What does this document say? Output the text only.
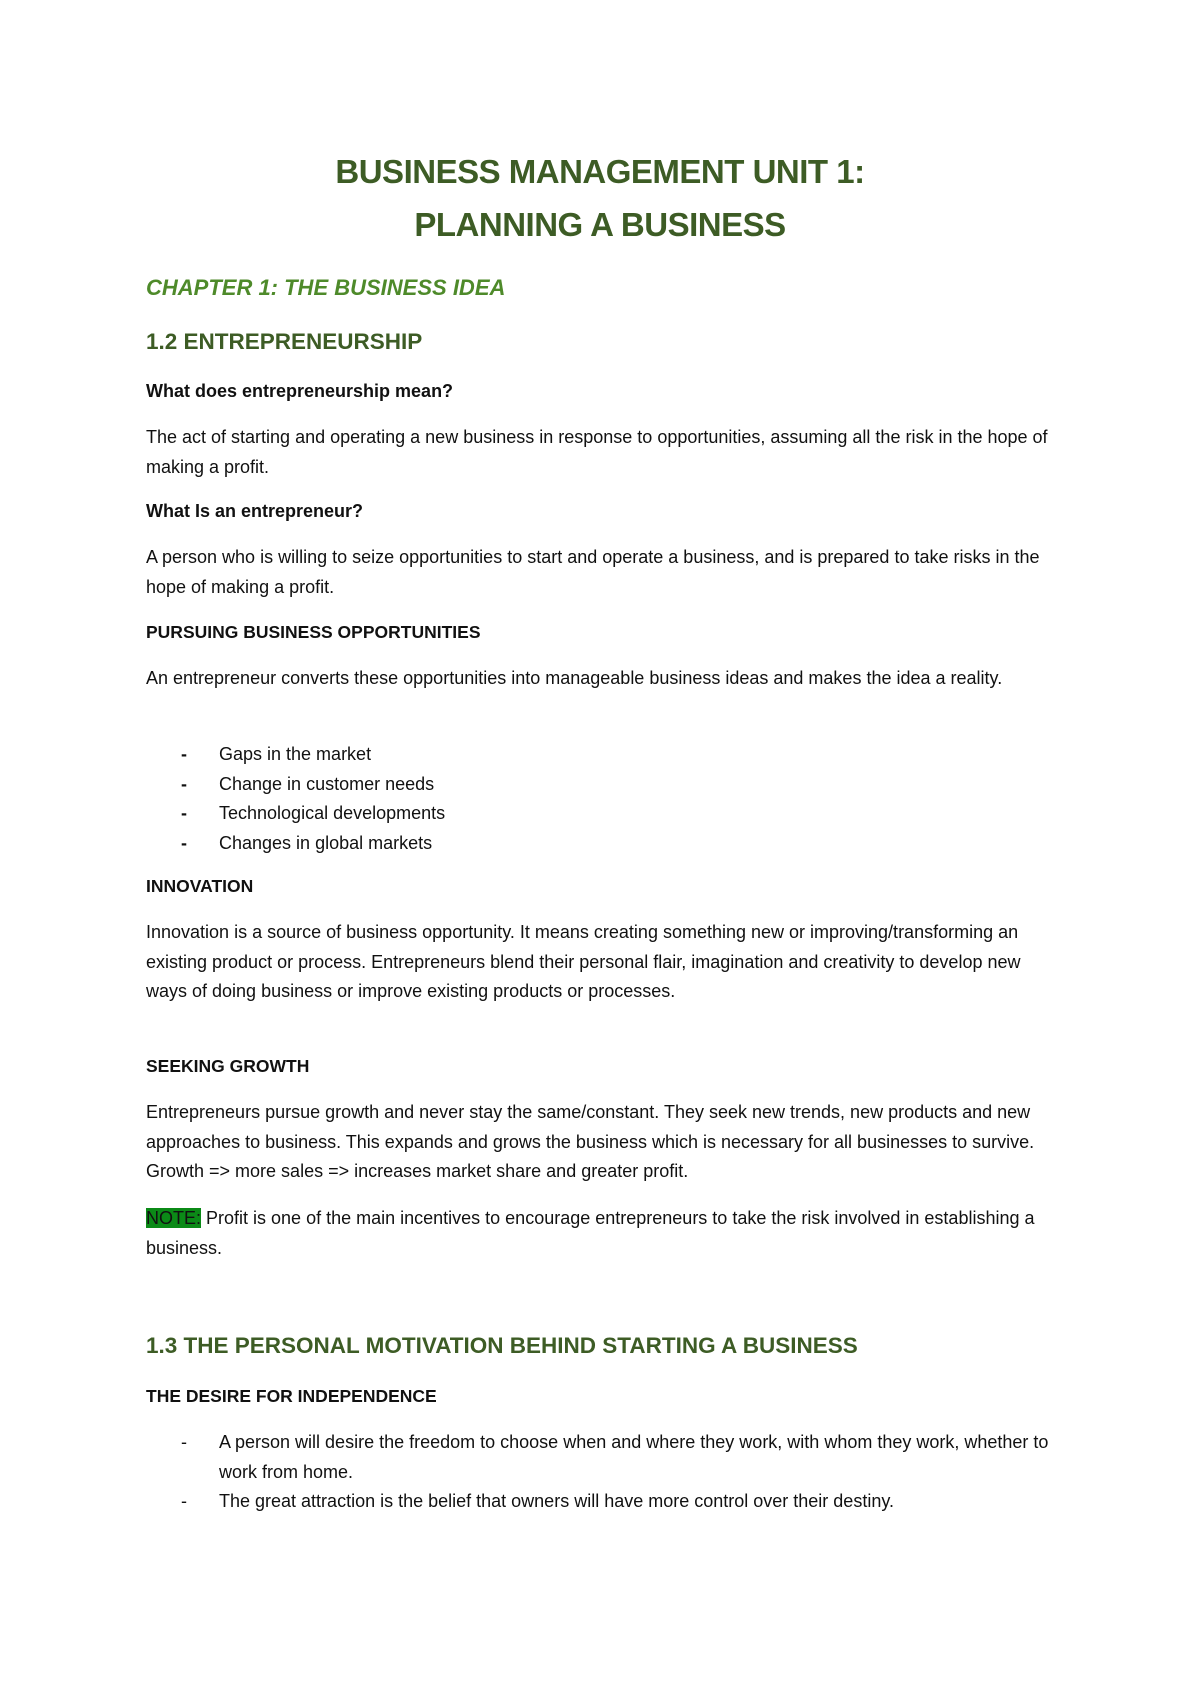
BUSINESS MANAGEMENT UNIT 1:
PLANNING A BUSINESS

CHAPTER 1: THE BUSINESS IDEA

1.2 ENTREPRENEURSHIP

What does entrepreneurship mean?

The act of starting and operating a new business in response to opportunities, assuming all the risk in the hope of making a profit.

What Is an entrepreneur?

A person who is willing to seize opportunities to start and operate a business, and is prepared to take risks in the hope of making a profit.

PURSUING BUSINESS OPPORTUNITIES

An entrepreneur converts these opportunities into manageable business ideas and makes the idea a reality.

- Gaps in the market
- Change in customer needs
- Technological developments
- Changes in global markets

INNOVATION

Innovation is a source of business opportunity. It means creating something new or improving/transforming an existing product or process. Entrepreneurs blend their personal flair, imagination and creativity to develop new ways of doing business or improve existing products or processes.

SEEKING GROWTH

Entrepreneurs pursue growth and never stay the same/constant. They seek new trends, new products and new approaches to business. This expands and grows the business which is necessary for all businesses to survive. Growth => more sales => increases market share and greater profit.

NOTE: Profit is one of the main incentives to encourage entrepreneurs to take the risk involved in establishing a business.

1.3 THE PERSONAL MOTIVATION BEHIND STARTING A BUSINESS

THE DESIRE FOR INDEPENDENCE

- A person will desire the freedom to choose when and where they work, with whom they work, whether to work from home.
- The great attraction is the belief that owners will have more control over their destiny.
